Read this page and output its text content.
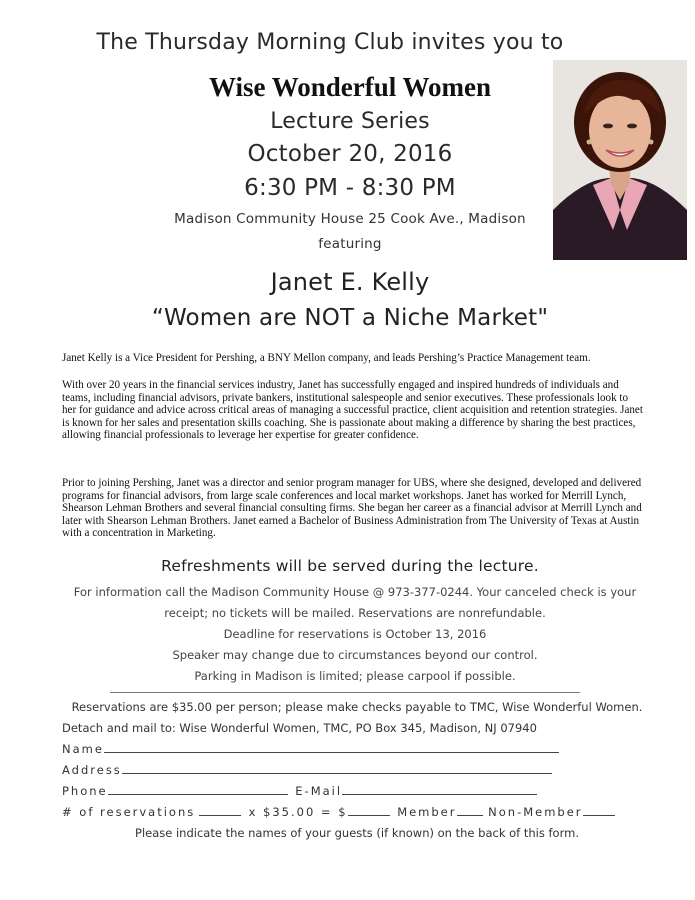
The Thursday Morning Club invites you to
Wise Wonderful Women
Lecture Series
October 20, 2016
6:30 PM - 8:30 PM
Madison Community House 25 Cook Ave., Madison
featuring
Janet E. Kelly
“Women are NOT a Niche Market"

Janet Kelly is a Vice President for Pershing, a BNY Mellon company, and leads Pershing’s Practice Management team.

With over 20 years in the financial services industry, Janet has successfully engaged and inspired hundreds of individuals and teams, including financial advisors, private bankers, institutional salespeople and senior executives. These professionals look to her for guidance and advice across critical areas of managing a successful practice, client acquisition and retention strategies. Janet is known for her sales and presentation skills coaching. She is passionate about making a difference by sharing the best practices, allowing financial professionals to leverage her expertise for greater confidence.

Prior to joining Pershing, Janet was a director and senior program manager for UBS, where she designed, developed and delivered programs for financial advisors, from large scale conferences and local market workshops. Janet has worked for Merrill Lynch, Shearson Lehman Brothers and several financial consulting firms. She began her career as a financial advisor at Merrill Lynch and later with Shearson Lehman Brothers. Janet earned a Bachelor of Business Administration from The University of Texas at Austin with a concentration in Marketing.

Refreshments will be served during the lecture.
For information call the Madison Community House @ 973-377-0244. Your canceled check is your
receipt; no tickets will be mailed. Reservations are nonrefundable.
Deadline for reservations is October 13, 2016
Speaker may change due to circumstances beyond our control.
Parking in Madison is limited; please carpool if possible.
Reservations are $35.00 per person; please make checks payable to TMC, Wise Wonderful Women.
Detach and mail to: Wise Wonderful Women, TMC, PO Box 345, Madison, NJ 07940
Name
Address
Phone	E-Mail
# of reservations	x $35.00 = $	Member	Non-Member
Please indicate the names of your guests (if known) on the back of this form.
